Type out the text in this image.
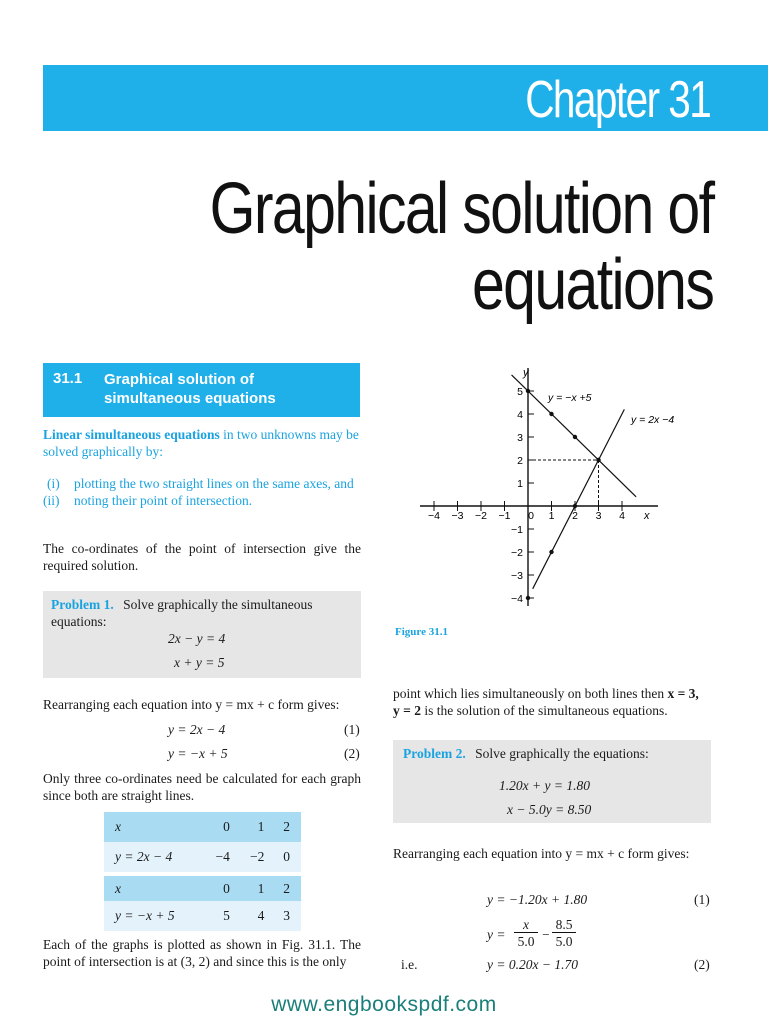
Chapter 31
Graphical solution of
equations
31.1 Graphical solution of
simultaneous equations
Linear simultaneous equations in two unknowns may be solved graphically by:
(i) plotting the two straight lines on the same axes, and
(ii) noting their point of intersection.
The co-ordinates of the point of intersection give the required solution.
Problem 1. Solve graphically the simultaneous
equations:
2x − y = 4
x + y = 5
Rearranging each equation into y = mx + c form gives:
y = 2x − 4	(1)
y = −x + 5	(2)
Only three co-ordinates need be calculated for each graph since both are straight lines.
x	0	1	2
y = 2x − 4	−4	−2	0
x	0	1	2
y = −x + 5	5	4	3
Each of the graphs is plotted as shown in Fig. 31.1. The point of intersection is at (3, 2) and since this is the only
y
x
−4 −3 −2 −1 0 1 2 3 4
−4
−3
−2
−1
1
2
3
4
5 y = −x +5
y = 2x −4
Figure 31.1
point which lies simultaneously on both lines then x = 3,
y = 2 is the solution of the simultaneous equations.
Problem 2. Solve graphically the equations:
1.20x + y = 1.80
x − 5.0y = 8.50
Rearranging each equation into y = mx + c form gives:
y = −1.20x + 1.80	(1)
y =
x
5.0 −
8.5
5.0
i.e.	y = 0.20x − 1.70	(2)
www.engbookspdf.com
